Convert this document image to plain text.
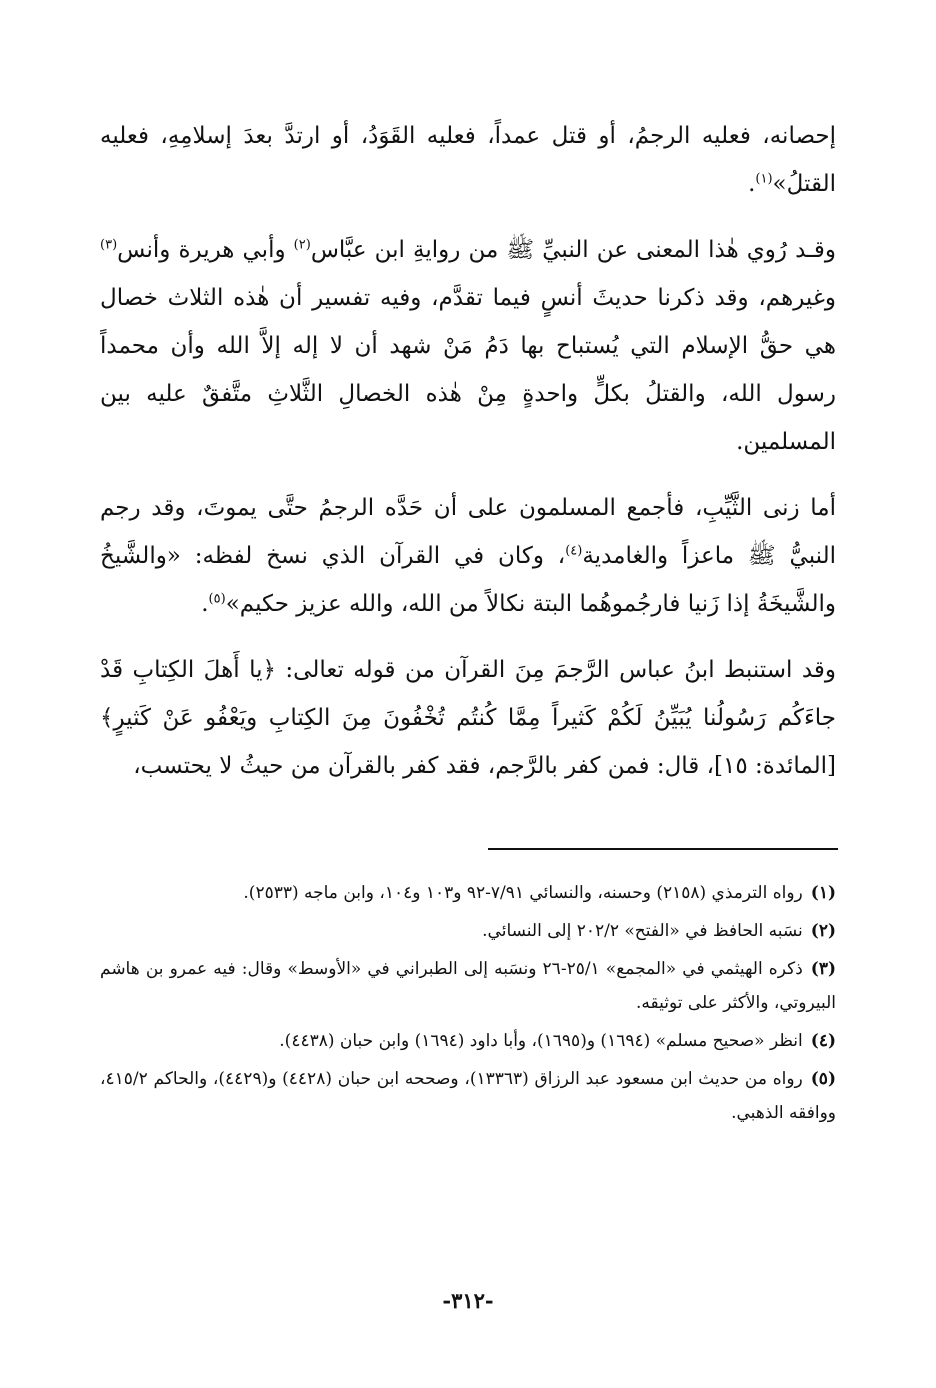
إحصانه، فعليه الرجمُ، أو قتل عمداً، فعليه القَوَدُ، أو ارتدَّ بعدَ إسلامِهِ، فعليه القتلُ»$^{(١)}$.

وقـد رُوي هٰذا المعنى عن النبيِّ ﷺ من روايةِ ابن عبَّاس$^{(٢)}$ وأبي هريرة وأنس$^{(٣)}$ وغيرهم، وقد ذكرنا حديثَ أنسٍ فيما تقدَّم، وفيه تفسير أن هٰذه الثلاث خصال هي حقُّ الإسلام التي يُستباح بها دَمُ مَنْ شهد أن لا إله إلاَّ الله وأن محمداً رسول الله، والقتلُ بكلٍّ واحدةٍ مِنْ هٰذه الخصالِ الثَّلاثِ متَّفقٌ عليه بين المسلمين.

أما زنى الثَّيِّبِ، فأجمع المسلمون على أن حَدَّه الرجمُ حتَّى يموتَ، وقد رجم النبيُّ ﷺ ماعزاً والغامدية$^{(٤)}$، وكان في القرآن الذي نسخ لفظه: «والشَّيخُ والشَّيخَةُ إذا زَنيا فارجُموهُما البتة نكالاً من الله، والله عزيز حكيم»$^{(٥)}$.

وقد استنبط ابنُ عباس الرَّجمَ مِنَ القرآن من قوله تعالى: ﴿يا أَهلَ الكِتابِ قَدْ جاءَكُم رَسُولُنا يُبَيِّنُ لَكُمْ كَثيراً مِمَّا كُنتُم تُخْفُونَ مِنَ الكِتابِ ويَعْفُو عَنْ كَثيرٍ﴾ [المائدة: ١٥]، قال: فمن كفر بالرَّجم، فقد كفر بالقرآن من حيثُ لا يحتسب،

(١)رواه الترمذي (٢١٥٨) وحسنه، والنسائي ٧/٩١-٩٢ و١٠٣ و١٠٤، وابن ماجه (٢٥٣٣).

(٢)نسَبه الحافظ في «الفتح» ٢٠٢/٢ إلى النسائي.

(٣)ذكره الهيثمي في «المجمع» ٢٥/١-٢٦ ونسَبه إلى الطبراني في «الأوسط» وقال: فيه عمرو بن هاشم البيروتي، والأكثر على توثيقه.

(٤)انظر «صحيح مسلم» (١٦٩٤) و(١٦٩٥)، وأبا داود (١٦٩٤) وابن حبان (٤٤٣٨).

(٥)رواه من حديث ابن مسعود عبد الرزاق (١٣٣٦٣)، وصححه ابن حبان (٤٤٢٨) و(٤٤٢٩)، والحاكم ٤١٥/٢، ووافقه الذهبي.

-٣١٢-
